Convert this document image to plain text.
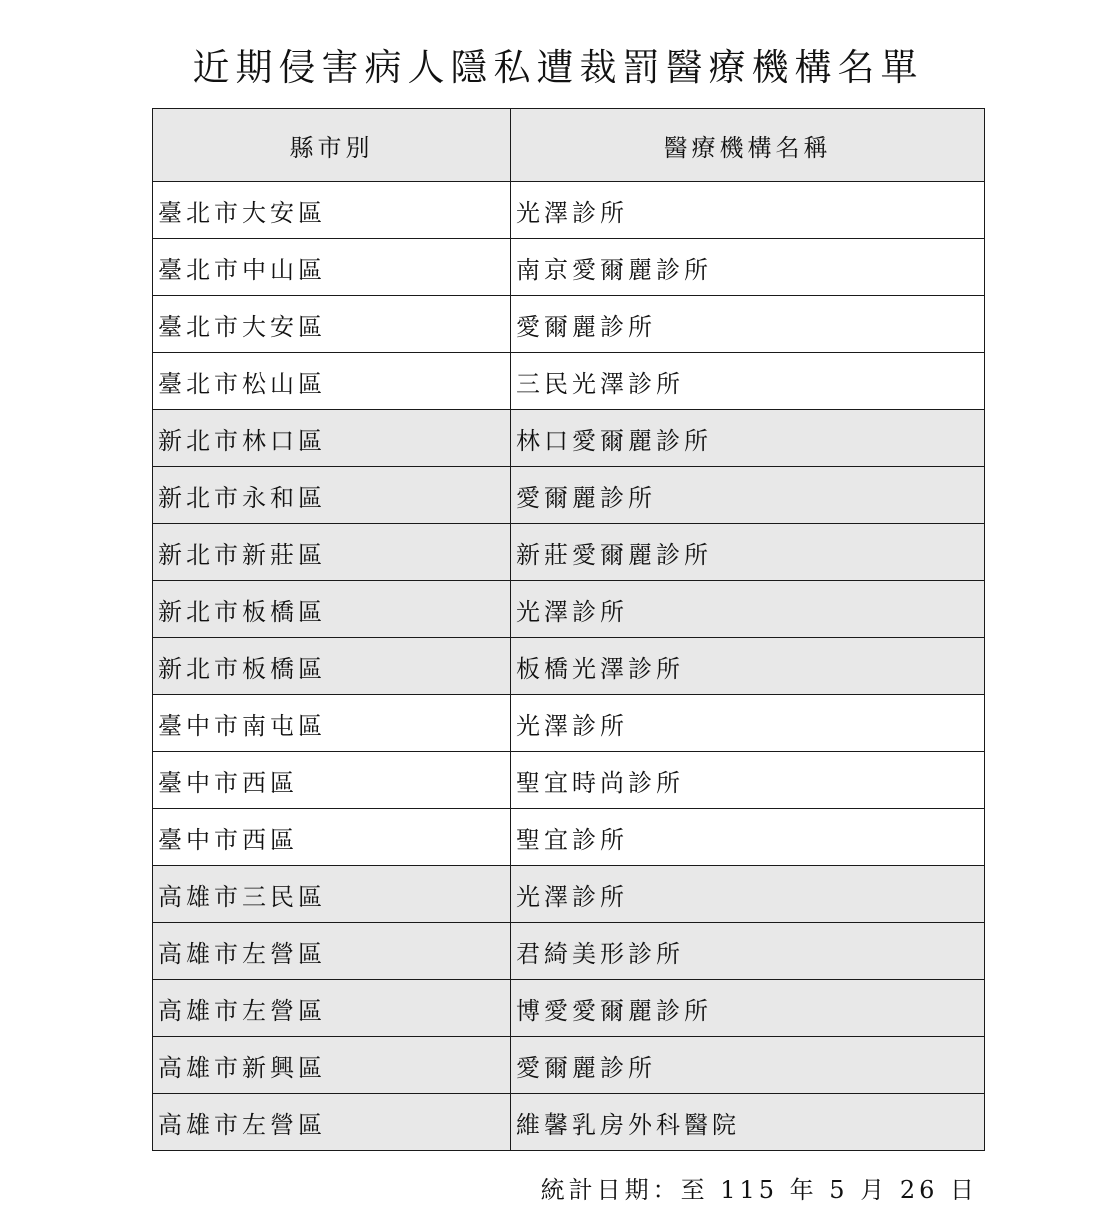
近期侵害病人隱私遭裁罰醫療機構名單
縣市別	醫療機構名稱
臺北市大安區	光澤診所
臺北市中山區	南京愛爾麗診所
臺北市大安區	愛爾麗診所
臺北市松山區	三民光澤診所
新北市林口區	林口愛爾麗診所
新北市永和區	愛爾麗診所
新北市新莊區	新莊愛爾麗診所
新北市板橋區	光澤診所
新北市板橋區	板橋光澤診所
臺中市南屯區	光澤診所
臺中市西區	聖宜時尚診所
臺中市西區	聖宜診所
高雄市三民區	光澤診所
高雄市左營區	君綺美形診所
高雄市左營區	博愛愛爾麗診所
高雄市新興區	愛爾麗診所
高雄市左營區	維馨乳房外科醫院
統計日期：至 115 年 5 月 26 日
